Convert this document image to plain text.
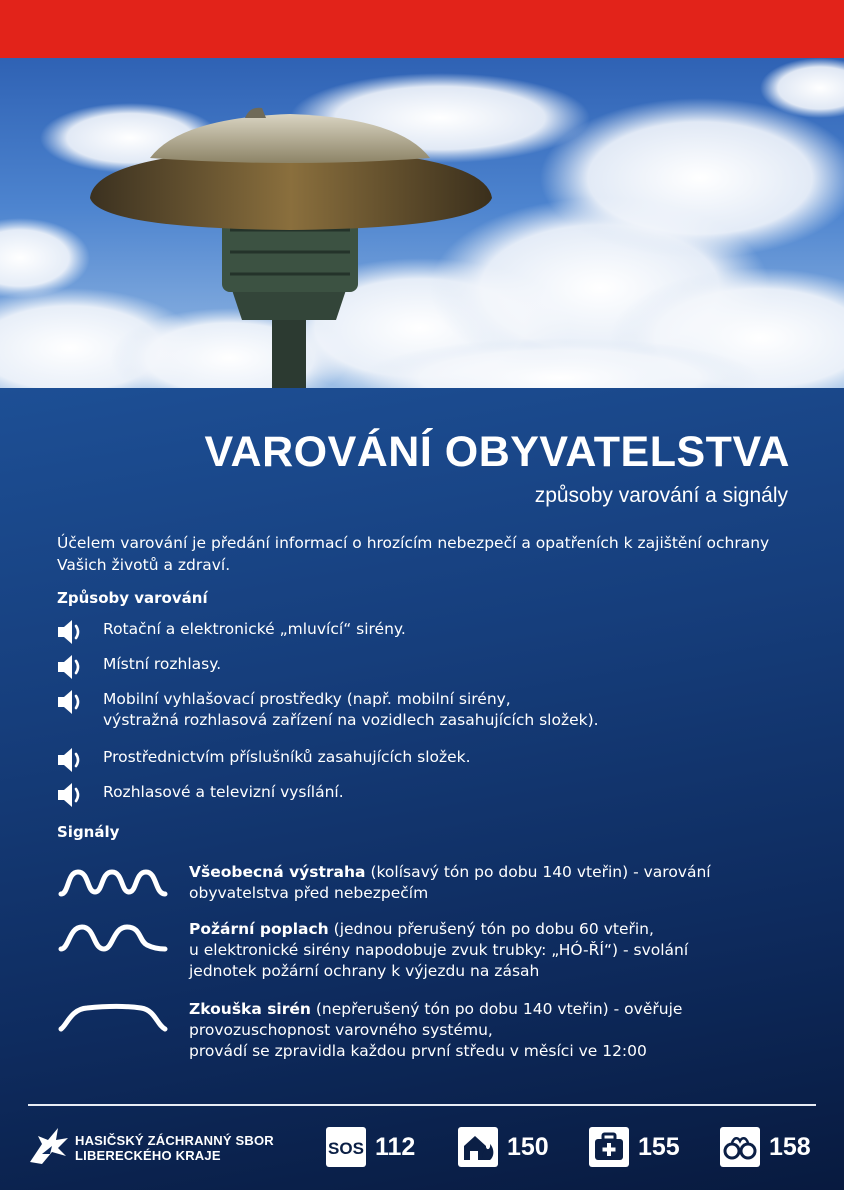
VAROVÁNÍ OBYVATELSTVA
způsoby varování a signály
Účelem varování je předání informací o hrozícím nebezpečí a opatřeních k zajištění ochrany Vašich životů a zdraví.
Způsoby varování
Rotační a elektronické „mluvící“ sirény.
Místní rozhlasy.
Mobilní vyhlašovací prostředky (např. mobilní sirény,
výstražná rozhlasová zařízení na vozidlech zasahujících složek).
Prostřednictvím příslušníků zasahujících složek.
Rozhlasové a televizní vysílání.
Signály
Všeobecná výstraha (kolísavý tón po dobu 140 vteřin) - varování
obyvatelstva před nebezpečím
Požární poplach (jednou přerušený tón po dobu 60 vteřin,
u elektronické sirény napodobuje zvuk trubky: „HÓ-ŘÍ“) - svolání
jednotek požární ochrany k výjezdu na zásah
Zkouška sirén (nepřerušený tón po dobu 140 vteřin) - ověřuje
provozuschopnost varovného systému,
provádí se zpravidla každou první středu v měsíci ve 12:00
HASIČSKÝ ZÁCHRANNÝ SBOR
LIBERECKÉHO KRAJE	SOS 112	150	155	158
